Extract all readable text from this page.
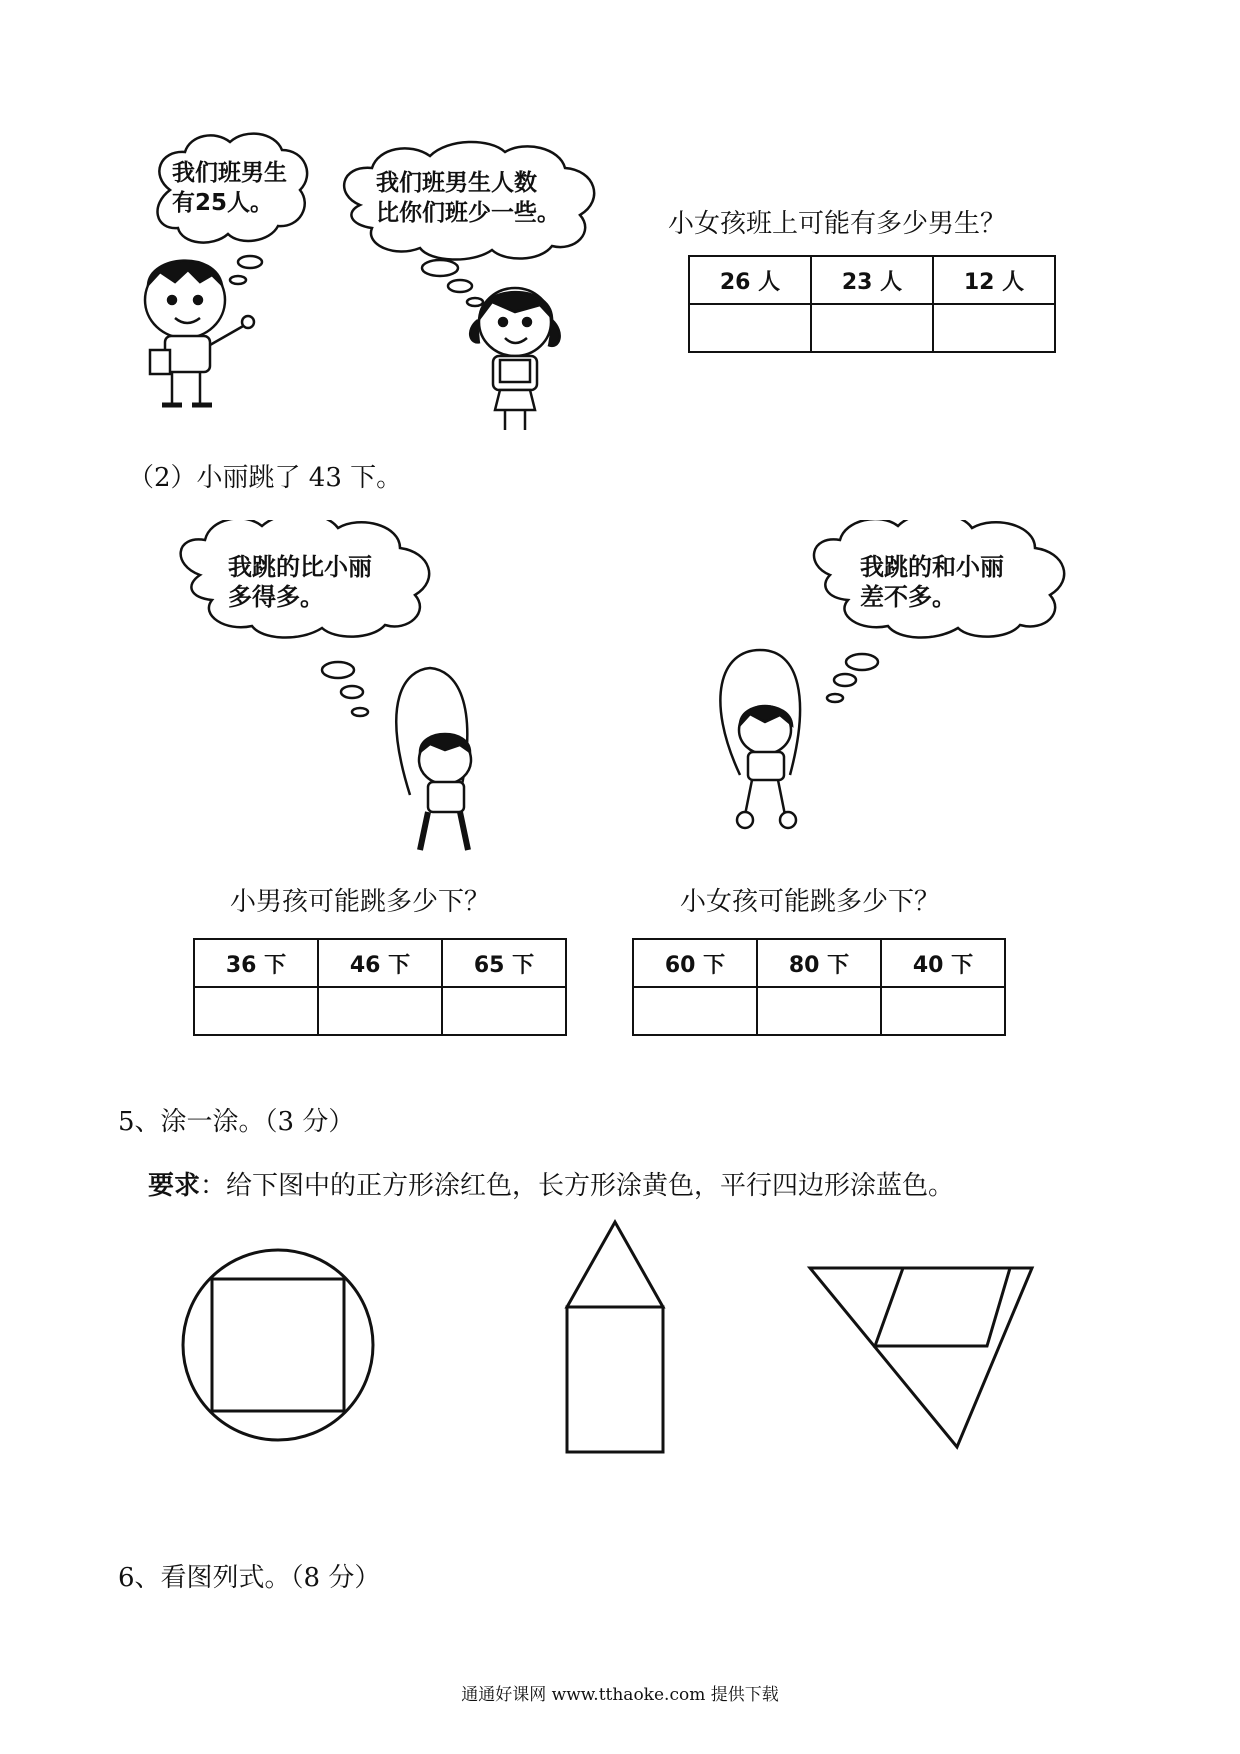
我们班男生
有25人。
我们班男生人数
比你们班少一些。	小女孩班上可能有多少男生？
26 人	23 人	12 人

（2）小丽跳了 43 下。
我跳的比小丽
多得多。
我跳的和小丽
差不多。
小男孩可能跳多少下？	小女孩可能跳多少下？
36 下	46 下	65 下
			60 下	80 下	40 下

5、涂一涂。（3 分）
要求：给下图中的正方形涂红色，长方形涂黄色，平行四边形涂蓝色。
6、看图列式。（8 分）
通通好课网 www.tthaoke.com 提供下载
